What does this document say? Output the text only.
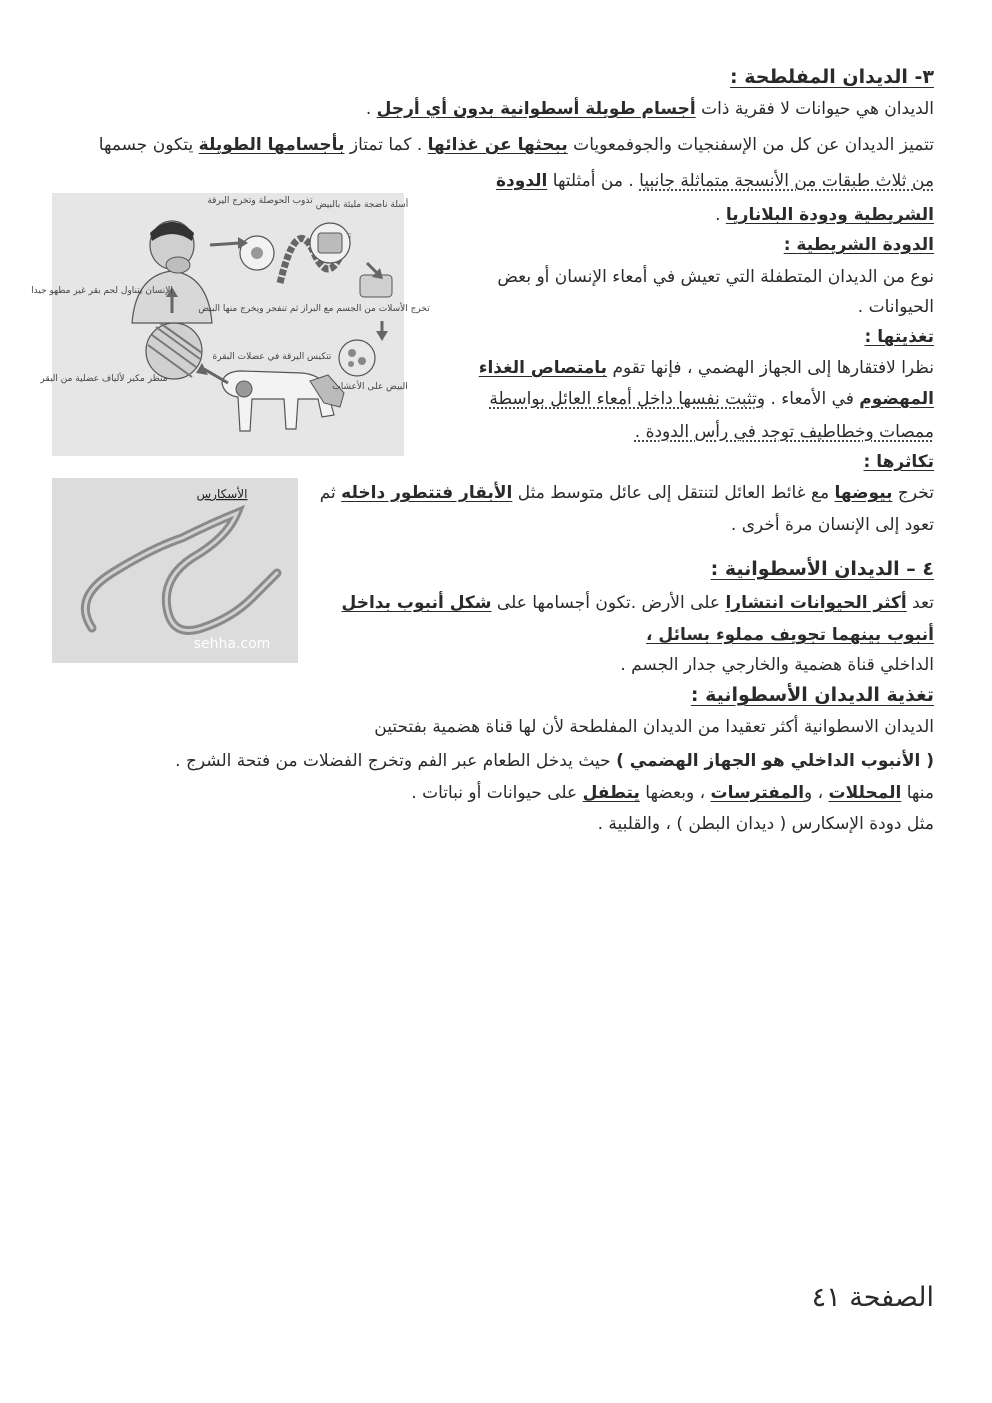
٣- الديدان المفلطحة :
الديدان هي حيوانات لا فقرية ذات أجسام طويلة أسطوانية بدون أي أرجل .
تتميز الديدان عن كل من الإسفنجيات والجوفمعويات ببحثها عن غذائها . كما تمتاز بأجسامها الطويلة يتكون جسمها
من ثلاث طبقات من الأنسجة متماثلة جانبيا . من أمثلتها الدودة
الشريطية ودودة البلاناريا .
الدودة الشريطية :
نوع من الديدان المتطفلة التي تعيش في أمعاء الإنسان أو بعض
الحيوانات .
تغذيتها :
نظرا لافتقارها إلى الجهاز الهضمي ، فإنها تقوم بامتصاص الغذاء
المهضوم في الأمعاء . وتثبت نفسها داخل أمعاء العائل بواسطة
ممصات وخطاطيف توجد في رأس الدودة .
تكاثرها :
تخرج بيوضها مع غائط العائل لتنتقل إلى عائل متوسط مثل الأبقار فتتطور داخله ثم
تعود إلى الإنسان مرة أخرى .
٤ – الديدان الأسطوانية :
تعد أكثر الحيوانات انتشارا على الأرض .تكون أجسامها على شكل أنبوب بداخل
أنبوب بينهما تجويف مملوء بسائل ،
الداخلي قناة هضمية والخارجي جدار الجسم .
تغذية الديدان الأسطوانية :
الديدان الاسطوانية أكثر تعقيدا من الديدان المفلطحة لأن لها قناة هضمية بفتحتين
( الأنبوب الداخلي هو الجهاز الهضمي ) حيث يدخل الطعام عبر الفم وتخرج الفضلات من فتحة الشرج .
منها المحللات ، والمفترسات ، وبعضها يتطفل على حيوانات أو نباتات .
مثل دودة الإسكارس ( ديدان البطن ) ، والقلبية .
الصفحة ٤١
تذوب الحوصلة وتخرج اليرقة أسلة ناضجة مليئة بالبيض
الإنسان يتناول لحم بقر غير مطهو جيدا
تخرج الأسلات من الجسم مع البراز ثم تنفجر ويخرج منها البيض
منظر مكبر لألياف عضلية من البقر
تتكيس اليرقة في عضلات البقرة
البيض على الأعشاب
الأسكارس
sehha.com
